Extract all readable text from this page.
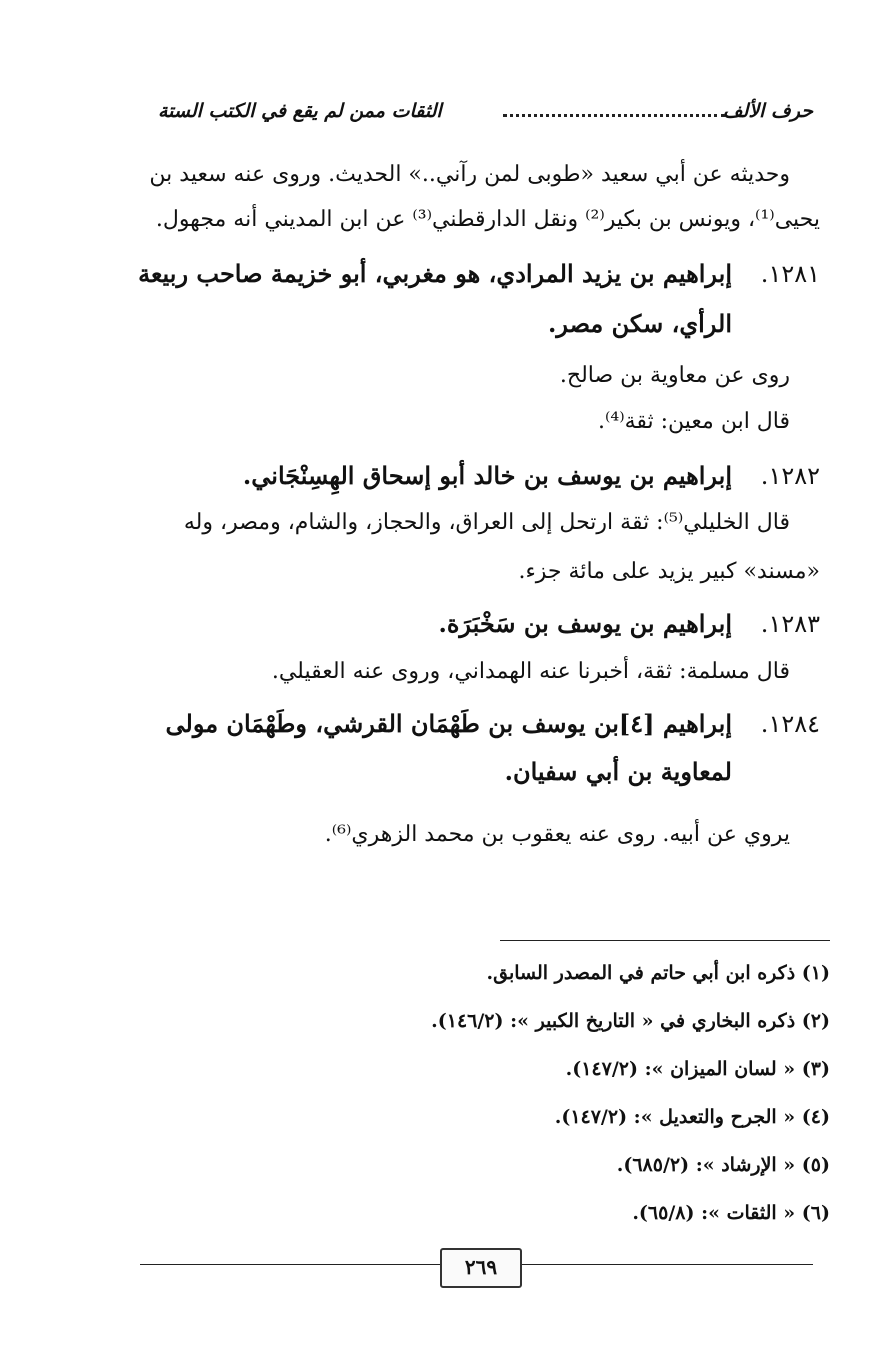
حرف الألف
الثقات ممن لم يقع في الكتب الستة
وحديثه عن أبي سعيد «طوبى لمن رآني..» الحديث. وروى عنه سعيد بن
يحيى⁽¹⁾، ويونس بن بكير⁽²⁾ ونقل الدارقطني⁽³⁾ عن ابن المديني أنه مجهول.
١٢٨١.إبراهيم بن يزيد المرادي، هو مغربي، أبو خزيمة صاحب ربيعة
الرأي، سكن مصر.
روى عن معاوية بن صالح.
قال ابن معين: ثقة⁽⁴⁾.
١٢٨٢.إبراهيم بن يوسف بن خالد أبو إسحاق الهِسِنْجَاني.
قال الخليلي⁽⁵⁾: ثقة ارتحل إلى العراق، والحجاز، والشام، ومصر، وله
«مسند» كبير يزيد على مائة جزء.
١٢٨٣.إبراهيم بن يوسف بن سَخْبَرَة.
قال مسلمة: ثقة، أخبرنا عنه الهمداني، وروى عنه العقيلي.
١٢٨٤.إبراهيم [٤]بن يوسف بن طَهْمَان القرشي، وطَهْمَان مولى
لمعاوية بن أبي سفيان.
يروي عن أبيه. روى عنه يعقوب بن محمد الزهري⁽⁶⁾.
(١) ذكره ابن أبي حاتم في المصدر السابق.
(٢) ذكره البخاري في « التاريخ الكبير »: (١٤٦/٢).
(٣) « لسان الميزان »: (١٤٧/٢).
(٤) « الجرح والتعديل »: (١٤٧/٢).
(٥) « الإرشاد »: (٦٨٥/٢).
(٦) « الثقات »: (٦٥/٨).
٢٦٩
